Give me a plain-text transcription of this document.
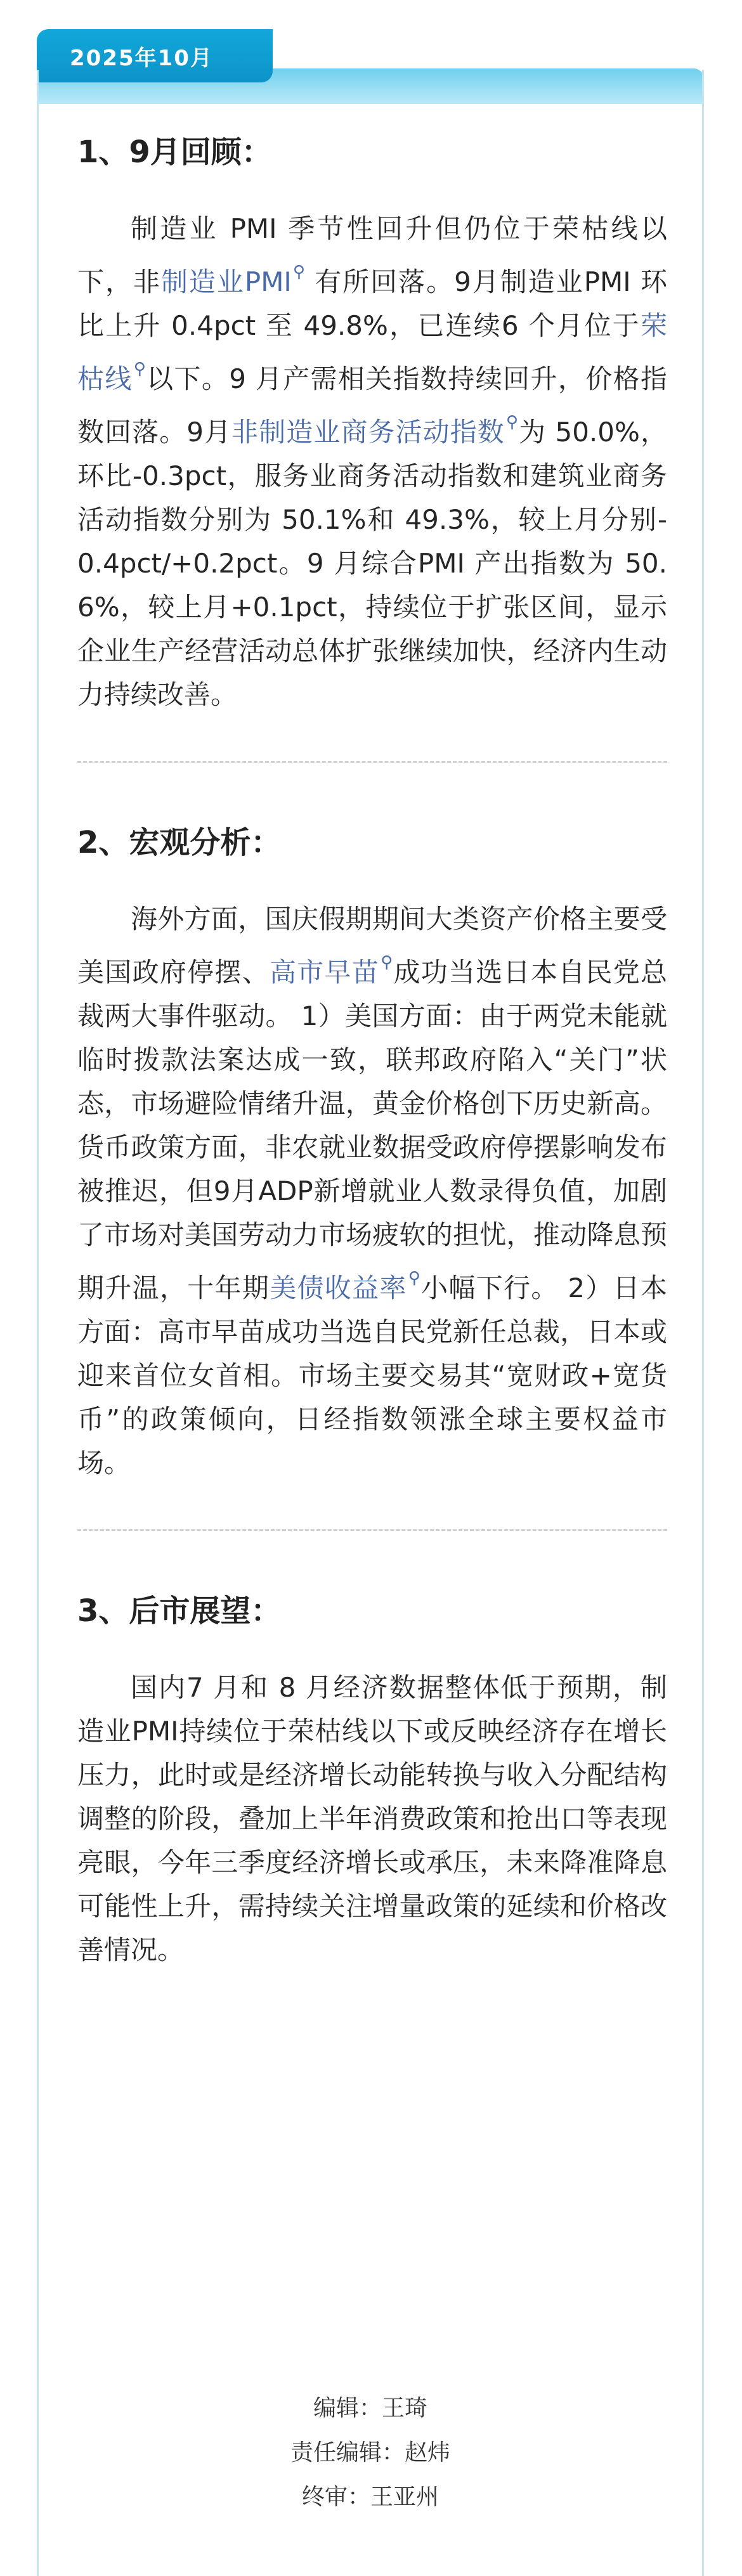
2025年10月
1、9月回顾：

制造业 PMI 季节性回升但仍位于荣枯线以下，非制造业PMI⚲ 有所回落。9月制造业PMI 环比上升 0.4pct 至 49.8%，已连续6 个月位于荣枯线⚲以下。9 月产需相关指数持续回升，价格指数回落。9月非制造业商务活动指数⚲为 50.0%，环比-0.3pct，服务业商务活动指数和建筑业商务活动指数分别为 50.1%和 49.3%，较上月分别-0.4pct/+0.2pct。9 月综合PMI 产出指数为 50.6%，较上月+0.1pct，持续位于扩张区间，显示企业生产经营活动总体扩张继续加快，经济内生动力持续改善。

2、宏观分析：

海外方面，国庆假期期间大类资产价格主要受美国政府停摆、高市早苗⚲成功当选日本自民党总裁两大事件驱动。 1）美国方面：由于两党未能就临时拨款法案达成一致，联邦政府陷入“关门”状态，市场避险情绪升温，黄金价格创下历史新高。货币政策方面，非农就业数据受政府停摆影响发布被推迟，但9月ADP新增就业人数录得负值，加剧了市场对美国劳动力市场疲软的担忧，推动降息预期升温，十年期美债收益率⚲小幅下行。 2）日本方面：高市早苗成功当选自民党新任总裁，日本或迎来首位女首相。市场主要交易其“宽财政+宽货币”的政策倾向，日经指数领涨全球主要权益市场。

3、后市展望：

国内7 月和 8 月经济数据整体低于预期，制造业PMI持续位于荣枯线以下或反映经济存在增长压力，此时或是经济增长动能转换与收入分配结构调整的阶段，叠加上半年消费政策和抢出口等表现亮眼，今年三季度经济增长或承压，未来降准降息可能性上升，需持续关注增量政策的延续和价格改善情况。

编辑：王琦
责任编辑：赵炜
终审：王亚州
